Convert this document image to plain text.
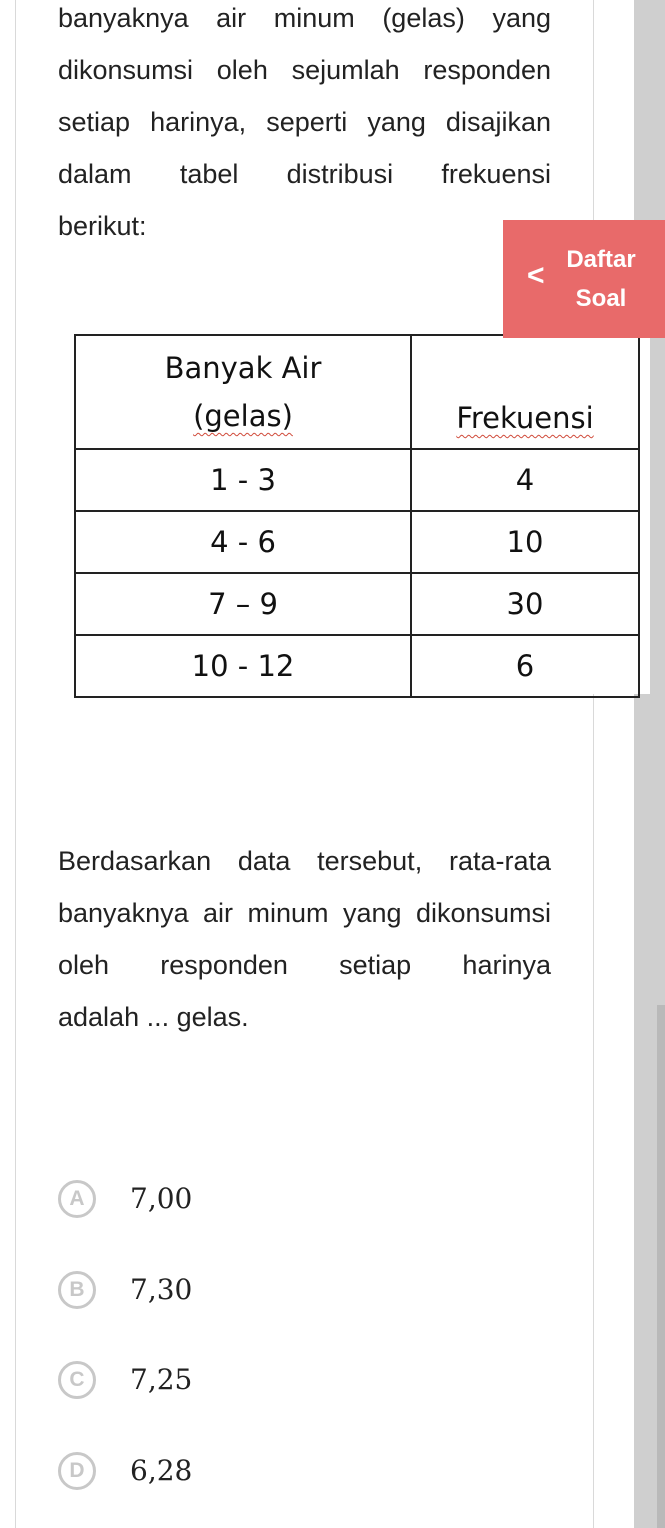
banyaknya air minum (gelas) yang dikonsumsi oleh sejumlah responden setiap harinya, seperti yang disajikan dalam tabel distribusi frekuensi
berikut:

< Daftar
Soal
Banyak Air
(gelas)	Frekuensi
1 - 3	4
4 - 6	10
7 – 9	30
10 - 12	6

Berdasarkan data tersebut, rata-rata banyaknya air minum yang dikonsumsi oleh responden setiap harinya
adalah ... gelas.

A	7,00
B	7,30
C	7,25
D	6,28
